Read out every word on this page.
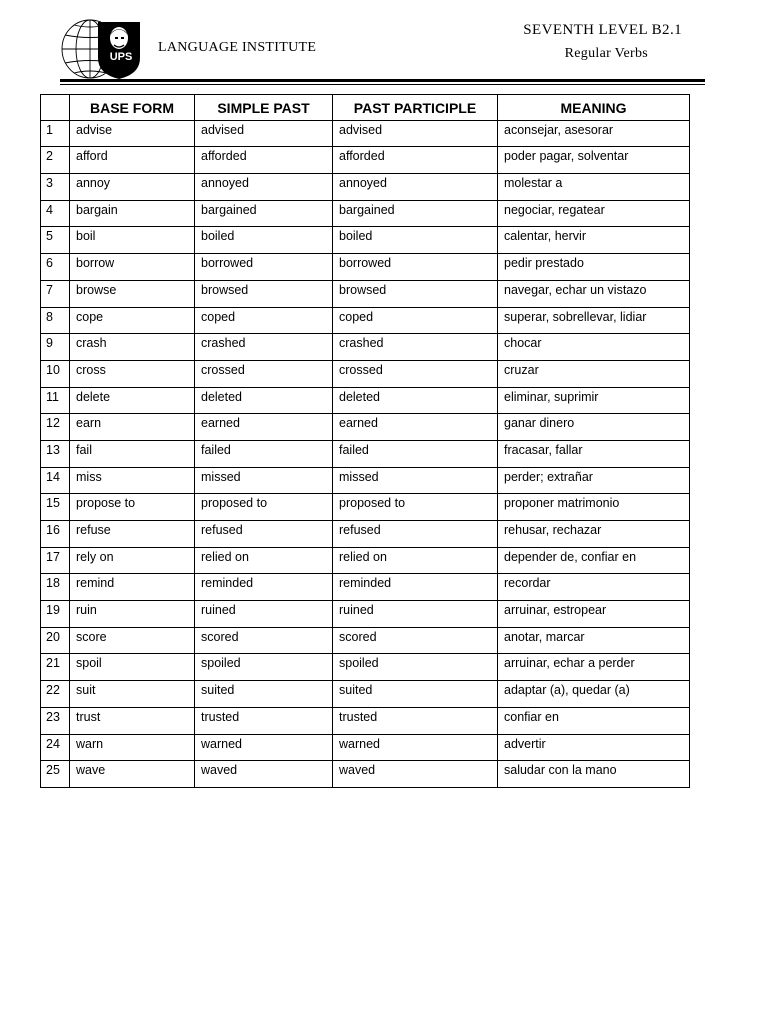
UPS
LANGUAGE INSTITUTE
SEVENTH LEVEL B2.1
Regular Verbs
	BASE FORM	SIMPLE PAST	PAST PARTICIPLE	MEANING
1	advise	advised	advised	aconsejar, asesorar
2	afford	afforded	afforded	poder pagar, solventar
3	annoy	annoyed	annoyed	molestar a
4	bargain	bargained	bargained	negociar, regatear
5	boil	boiled	boiled	calentar, hervir
6	borrow	borrowed	borrowed	pedir prestado
7	browse	browsed	browsed	navegar, echar un vistazo
8	cope	coped	coped	superar, sobrellevar, lidiar
9	crash	crashed	crashed	chocar
10	cross	crossed	crossed	cruzar
11	delete	deleted	deleted	eliminar, suprimir
12	earn	earned	earned	ganar dinero
13	fail	failed	failed	fracasar, fallar
14	miss	missed	missed	perder; extrañar
15	propose to	proposed to	proposed to	proponer matrimonio
16	refuse	refused	refused	rehusar, rechazar
17	rely on	relied on	relied on	depender de, confiar en
18	remind	reminded	reminded	recordar
19	ruin	ruined	ruined	arruinar, estropear
20	score	scored	scored	anotar, marcar
21	spoil	spoiled	spoiled	arruinar, echar a perder
22	suit	suited	suited	adaptar (a), quedar (a)
23	trust	trusted	trusted	confiar en
24	warn	warned	warned	advertir
25	wave	waved	waved	saludar con la mano
